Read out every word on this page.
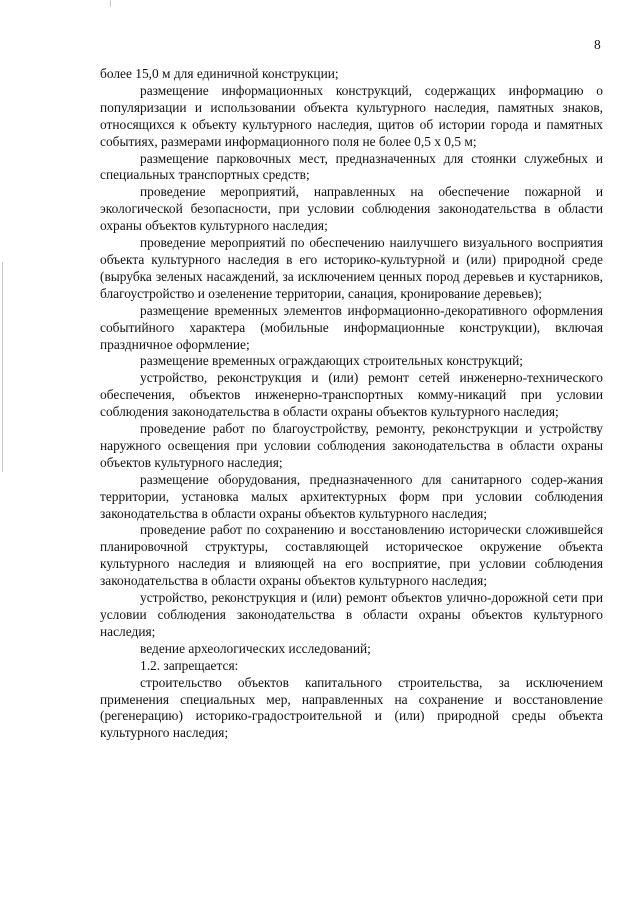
8

более 15,0 м для единичной конструкции;

размещение информационных конструкций, содержащих информацию о популяризации и использовании объекта культурного наследия, памятных знаков, относящихся к объекту культурного наследия, щитов об истории города и памятных событиях, размерами информационного поля не более 0,5 х 0,5 м;

размещение парковочных мест, предназначенных для стоянки служебных и специальных транспортных средств;

проведение мероприятий, направленных на обеспечение пожарной и экологической безопасности, при условии соблюдения законодательства в области охраны объектов культурного наследия;

проведение мероприятий по обеспечению наилучшего визуального восприятия объекта культурного наследия в его историко-культурной и (или) природной среде (вырубка зеленых насаждений, за исключением ценных пород деревьев и кустарников, благоустройство и озеленение территории, санация, кронирование деревьев);

размещение временных элементов информационно-декоративного оформления событийного характера (мобильные информационные конструкции), включая праздничное оформление;

размещение временных ограждающих строительных конструкций;

устройство, реконструкция и (или) ремонт сетей инженерно-технического обеспечения, объектов инженерно-транспортных комму-никаций при условии соблюдения законодательства в области охраны объектов культурного наследия;

проведение работ по благоустройству, ремонту, реконструкции и устройству наружного освещения при условии соблюдения законодательства в области охраны объектов культурного наследия;

размещение оборудования, предназначенного для санитарного содер-жания территории, установка малых архитектурных форм при условии соблюдения законодательства в области охраны объектов культурного наследия;

проведение работ по сохранению и восстановлению исторически сложившейся планировочной структуры, составляющей историческое окружение объекта культурного наследия и влияющей на его восприятие, при условии соблюдения законодательства в области охраны объектов культурного наследия;

устройство, реконструкция и (или) ремонт объектов улично-дорожной сети при условии соблюдения законодательства в области охраны объектов культурного наследия;

ведение археологических исследований;

1.2. запрещается:

строительство объектов капитального строительства, за исключением применения специальных мер, направленных на сохранение и восстановление (регенерацию) историко-градостроительной и (или) природной среды объекта культурного наследия;
